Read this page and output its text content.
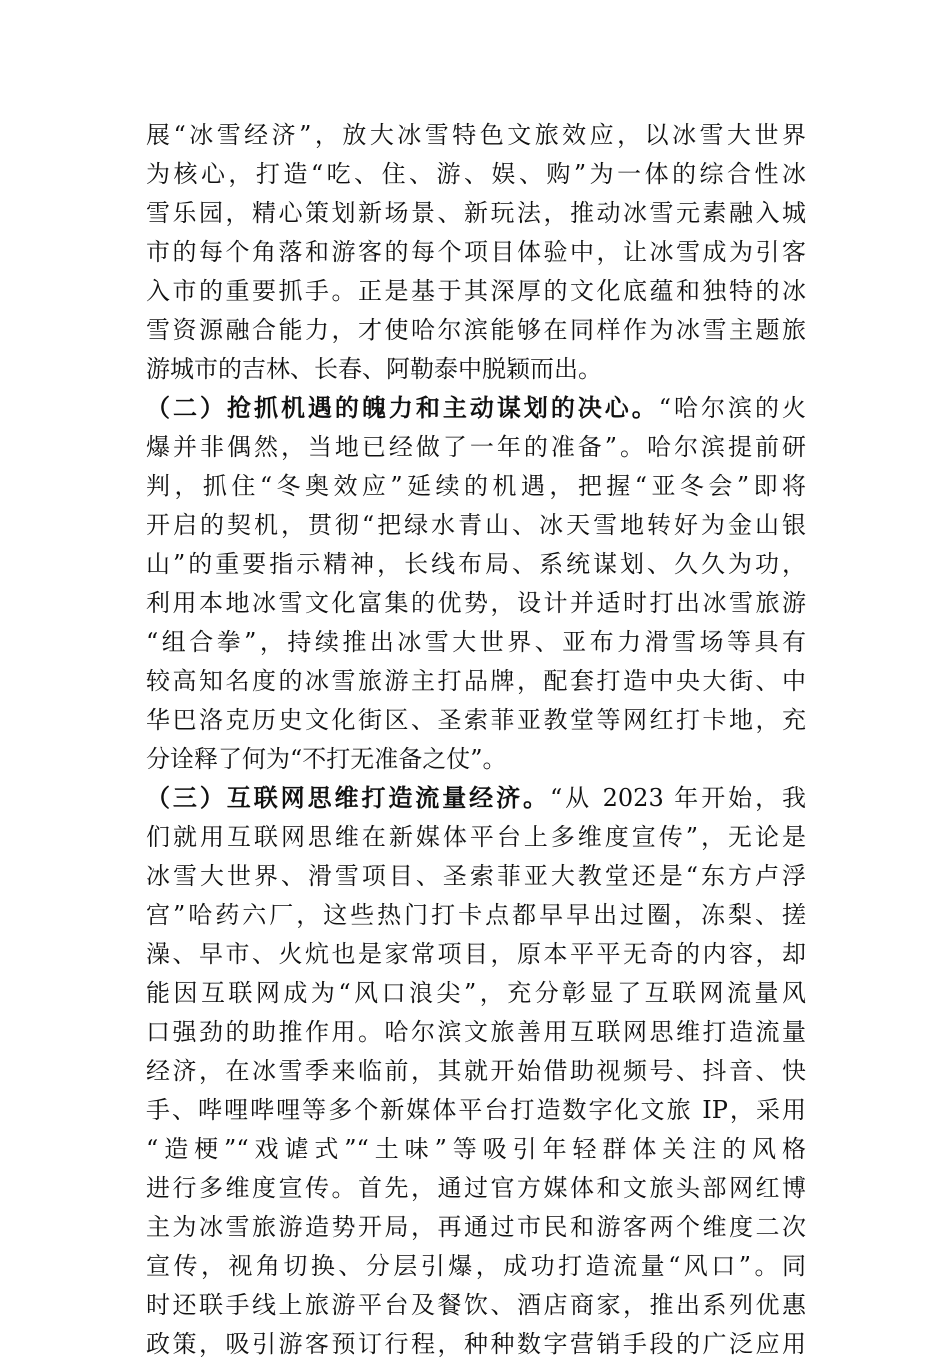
展“冰雪经济”，放大冰雪特色文旅效应，以冰雪大世界
为核心，打造“吃、住、游、娱、购”为一体的综合性冰
雪乐园，精心策划新场景、新玩法，推动冰雪元素融入城
市的每个角落和游客的每个项目体验中，让冰雪成为引客
入市的重要抓手。正是基于其深厚的文化底蕴和独特的冰
雪资源融合能力，才使哈尔滨能够在同样作为冰雪主题旅
游城市的吉林、长春、阿勒泰中脱颖而出。
（二）抢抓机遇的魄力和主动谋划的决心。“哈尔滨的火
爆并非偶然，当地已经做了一年的准备”。哈尔滨提前研
判，抓住“冬奥效应”延续的机遇，把握“亚冬会”即将
开启的契机，贯彻“把绿水青山、冰天雪地转好为金山银
山”的重要指示精神，长线布局、系统谋划、久久为功，
利用本地冰雪文化富集的优势，设计并适时打出冰雪旅游
“组合拳”，持续推出冰雪大世界、亚布力滑雪场等具有
较高知名度的冰雪旅游主打品牌，配套打造中央大街、中
华巴洛克历史文化街区、圣索菲亚教堂等网红打卡地，充
分诠释了何为“不打无准备之仗”。
（三）互联网思维打造流量经济。“从 2023 年开始，我
们就用互联网思维在新媒体平台上多维度宣传”，无论是
冰雪大世界、滑雪项目、圣索菲亚大教堂还是“东方卢浮
宫”哈药六厂，这些热门打卡点都早早出过圈，冻梨、搓
澡、早市、火炕也是家常项目，原本平平无奇的内容，却
能因互联网成为“风口浪尖”，充分彰显了互联网流量风
口强劲的助推作用。哈尔滨文旅善用互联网思维打造流量
经济，在冰雪季来临前，其就开始借助视频号、抖音、快
手、哔哩哔哩等多个新媒体平台打造数字化文旅 IP，采用
“造梗”“戏谑式”“土味”等吸引年轻群体关注的风格
进行多维度宣传。首先，通过官方媒体和文旅头部网红博
主为冰雪旅游造势开局，再通过市民和游客两个维度二次
宣传，视角切换、分层引爆，成功打造流量“风口”。同
时还联手线上旅游平台及餐饮、酒店商家，推出系列优惠
政策，吸引游客预订行程，种种数字营销手段的广泛应用
